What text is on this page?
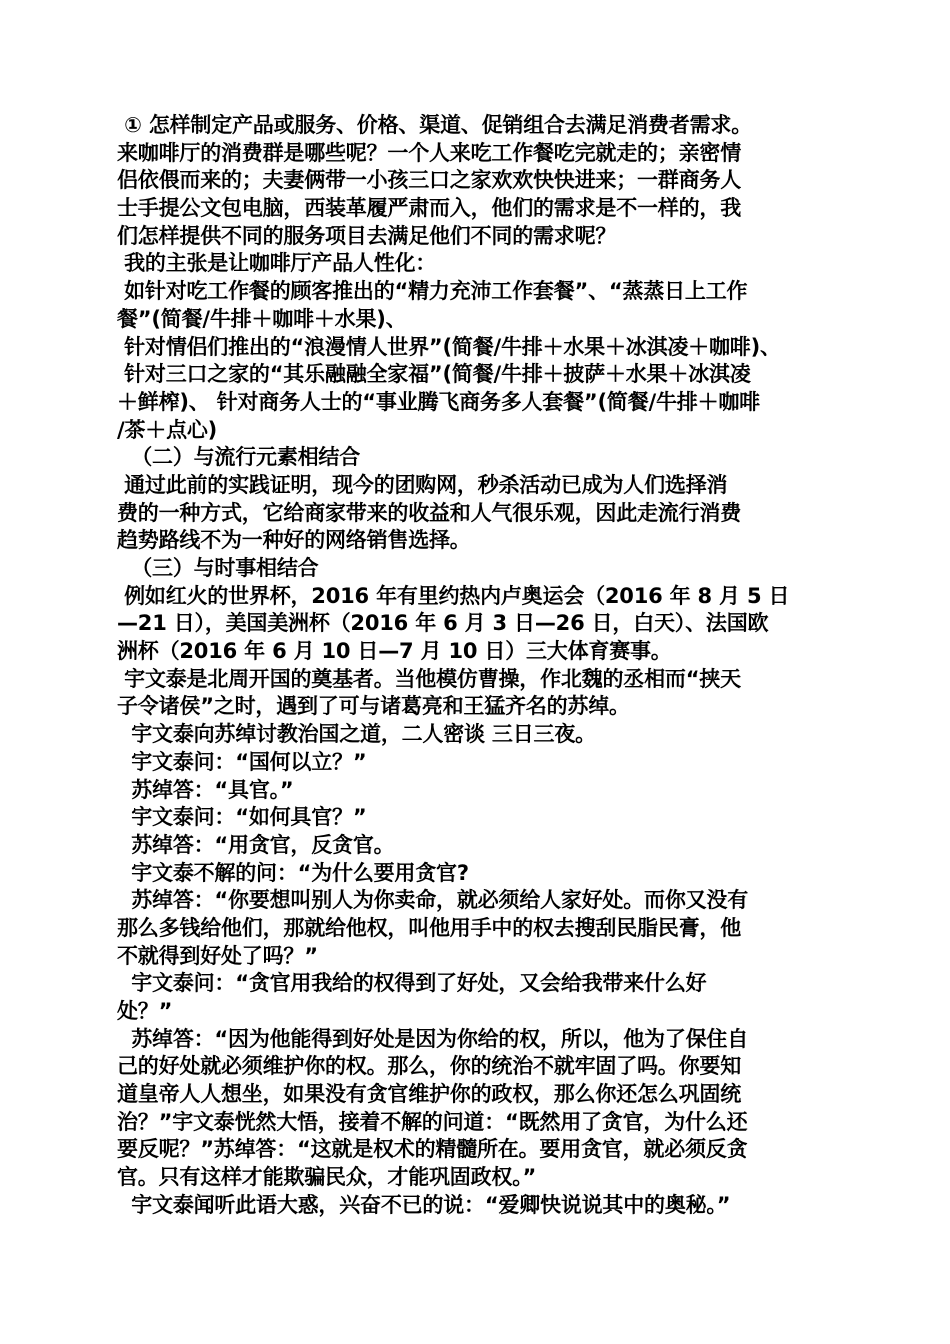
① 怎样制定产品或服务、价格、渠道、促销组合去满足消费者需求。
来咖啡厅的消费群是哪些呢？一个人来吃工作餐吃完就走的；亲密情
侣依偎而来的；夫妻俩带一小孩三口之家欢欢快快进来；一群商务人
士手提公文包电脑，西装革履严肃而入，他们的需求是不一样的，我
们怎样提供不同的服务项目去满足他们不同的需求呢？
我的主张是让咖啡厅产品人性化：
如针对吃工作餐的顾客推出的“精力充沛工作套餐”、“蒸蒸日上工作
餐”(简餐/牛排＋咖啡＋水果)、
针对情侣们推出的“浪漫情人世界”(简餐/牛排＋水果＋冰淇凌＋咖啡)、
针对三口之家的“其乐融融全家福”(简餐/牛排＋披萨＋水果＋冰淇凌
＋鲜榨)、 针对商务人士的“事业腾飞商务多人套餐”(简餐/牛排＋咖啡
/茶＋点心)
（二）与流行元素相结合
通过此前的实践证明，现今的团购网，秒杀活动已成为人们选择消
费的一种方式，它给商家带来的收益和人气很乐观，因此走流行消费
趋势路线不为一种好的网络销售选择。
（三）与时事相结合
例如红火的世界杯，2016 年有里约热内卢奥运会（2016 年 8 月 5 日
—21 日），美国美洲杯（2016 年 6 月 3 日—26 日，白天）、法国欧
洲杯（2016 年 6 月 10 日—7 月 10 日）三大体育赛事。
宇文泰是北周开国的奠基者。当他模仿曹操，作北魏的丞相而“挟天
子令诸侯”之时，遇到了可与诸葛亮和王猛齐名的苏绰。
宇文泰向苏绰讨教治国之道，二人密谈 三日三夜。
宇文泰问：“国何以立？”
苏绰答：“具官。”
宇文泰问：“如何具官？”
苏绰答：“用贪官，反贪官。
宇文泰不解的问：“为什么要用贪官?
苏绰答：“你要想叫别人为你卖命，就必须给人家好处。而你又没有
那么多钱给他们，那就给他权，叫他用手中的权去搜刮民脂民膏，他
不就得到好处了吗？”
宇文泰问：“贪官用我给的权得到了好处，又会给我带来什么好
处？”
苏绰答：“因为他能得到好处是因为你给的权，所以，他为了保住自
己的好处就必须维护你的权。那么，你的统治不就牢固了吗。你要知
道皇帝人人想坐，如果没有贪官维护你的政权，那么你还怎么巩固统
治？”宇文泰恍然大悟，接着不解的问道：“既然用了贪官，为什么还
要反呢？”苏绰答：“这就是权术的精髓所在。要用贪官，就必须反贪
官。只有这样才能欺骗民众，才能巩固政权。”
宇文泰闻听此语大惑，兴奋不已的说：“爱卿快说说其中的奥秘。”
